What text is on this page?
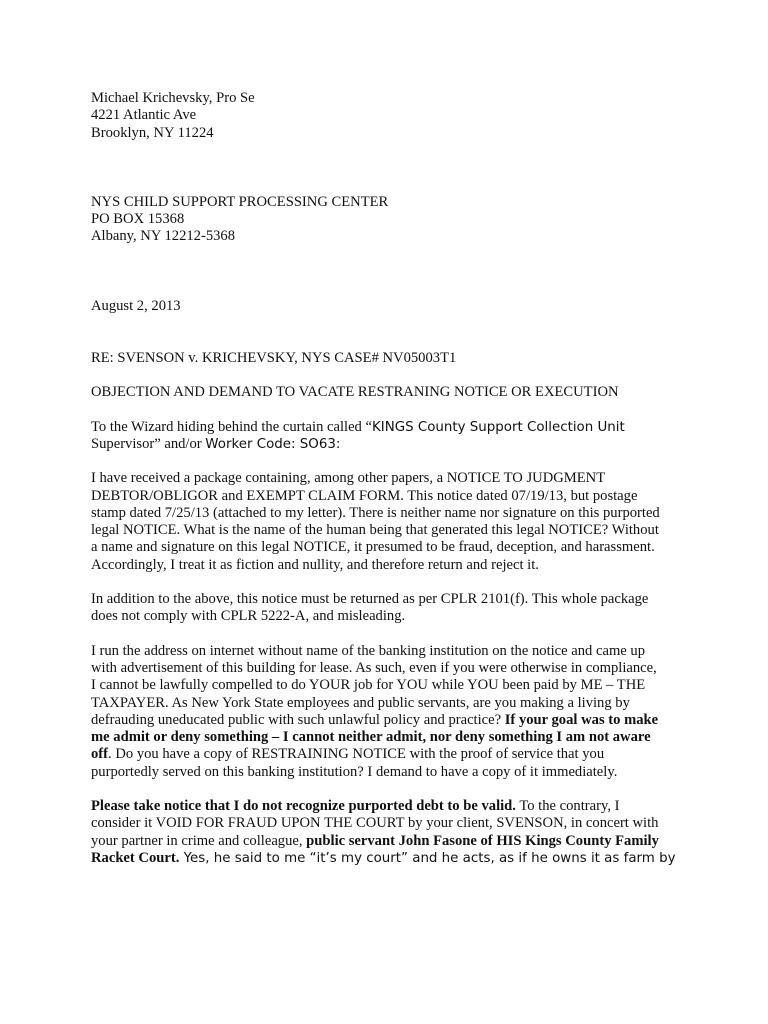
Michael Krichevsky, Pro Se
4221 Atlantic Ave
Brooklyn, NY 11224
NYS CHILD SUPPORT PROCESSING CENTER
PO BOX 15368
Albany, NY 12212-5368
August 2, 2013
RE: SVENSON v. KRICHEVSKY, NYS CASE# NV05003T1
OBJECTION AND DEMAND TO VACATE RESTRANING NOTICE OR EXECUTION
To the Wizard hiding behind the curtain called “KINGS County Support Collection Unit
Supervisor” and/or Worker Code: SO63:
I have received a package containing, among other papers, a NOTICE TO JUDGMENT
DEBTOR/OBLIGOR and EXEMPT CLAIM FORM. This notice dated 07/19/13, but postage
stamp dated 7/25/13 (attached to my letter). There is neither name nor signature on this purported
legal NOTICE. What is the name of the human being that generated this legal NOTICE? Without
a name and signature on this legal NOTICE, it presumed to be fraud, deception, and harassment.
Accordingly, I treat it as fiction and nullity, and therefore return and reject it.
In addition to the above, this notice must be returned as per CPLR 2101(f). This whole package
does not comply with CPLR 5222-A, and misleading.
I run the address on internet without name of the banking institution on the notice and came up
with advertisement of this building for lease. As such, even if you were otherwise in compliance,
I cannot be lawfully compelled to do YOUR job for YOU while YOU been paid by ME – THE
TAXPAYER. As New York State employees and public servants, are you making a living by
defrauding uneducated public with such unlawful policy and practice? If your goal was to make
me admit or deny something – I cannot neither admit, nor deny something I am not aware
off. Do you have a copy of RESTRAINING NOTICE with the proof of service that you
purportedly served on this banking institution? I demand to have a copy of it immediately.
Please take notice that I do not recognize purported debt to be valid. To the contrary, I
consider it VOID FOR FRAUD UPON THE COURT by your client, SVENSON, in concert with
your partner in crime and colleague, public servant John Fasone of HIS Kings County Family
Racket Court. Yes, he said to me “it’s my court” and he acts, as if he owns it as farm by
